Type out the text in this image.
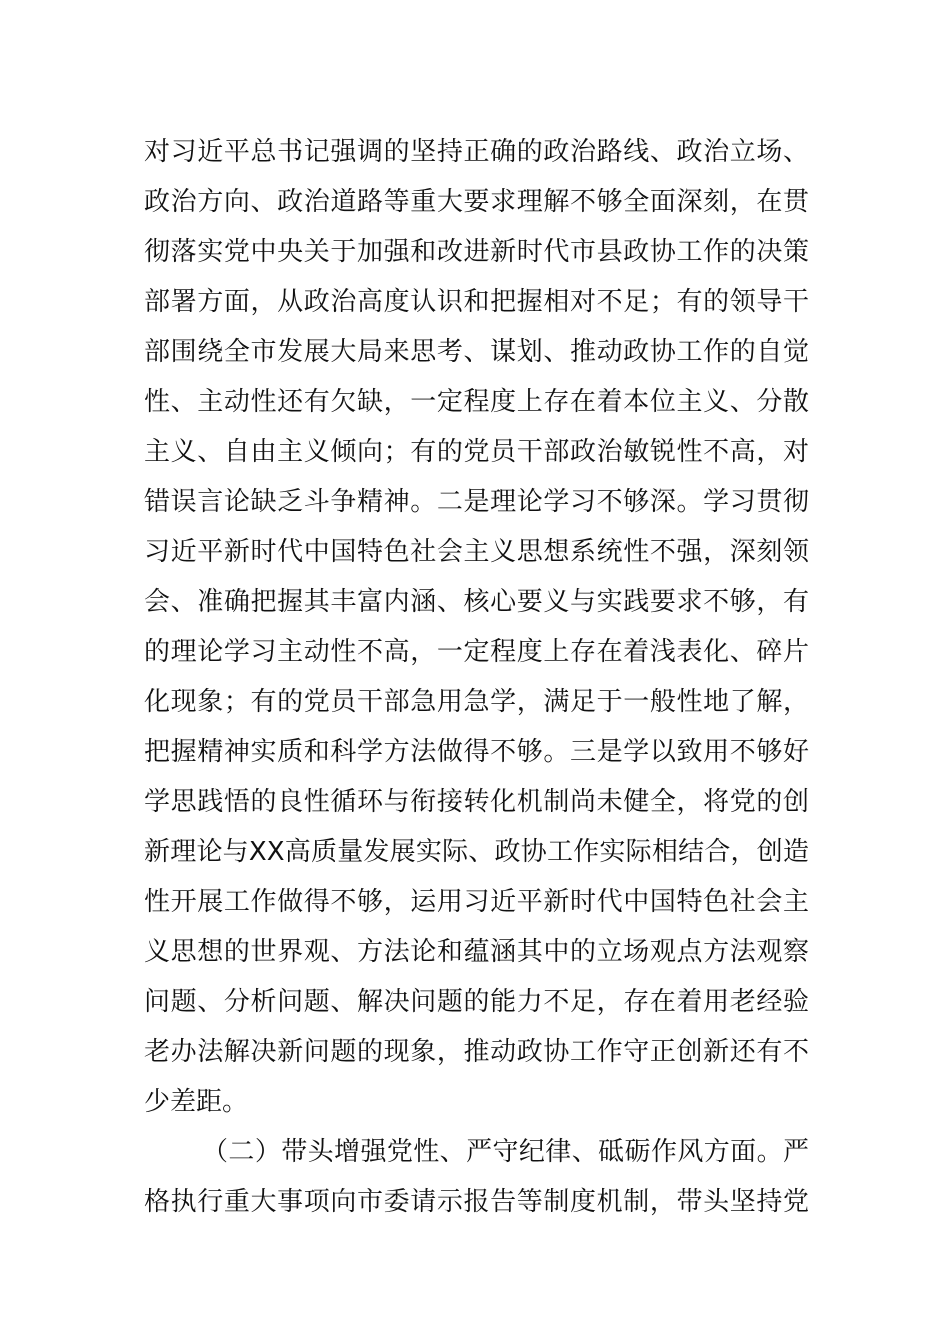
对习近平总书记强调的坚持正确的政治路线、政治立场、
政治方向、政治道路等重大要求理解不够全面深刻，在贯
彻落实党中央关于加强和改进新时代市县政协工作的决策
部署方面，从政治高度认识和把握相对不足；有的领导干
部围绕全市发展大局来思考、谋划、推动政协工作的自觉
性、主动性还有欠缺，一定程度上存在着本位主义、分散
主义、自由主义倾向；有的党员干部政治敏锐性不高，对
错误言论缺乏斗争精神。二是理论学习不够深。学习贯彻
习近平新时代中国特色社会主义思想系统性不强，深刻领
会、准确把握其丰富内涵、核心要义与实践要求不够，有
的理论学习主动性不高，一定程度上存在着浅表化、碎片
化现象；有的党员干部急用急学，满足于一般性地了解，
把握精神实质和科学方法做得不够。三是学以致用不够好
学思践悟的良性循环与衔接转化机制尚未健全，将党的创
新理论与XX高质量发展实际、政协工作实际相结合，创造
性开展工作做得不够，运用习近平新时代中国特色社会主
义思想的世界观、方法论和蕴涵其中的立场观点方法观察
问题、分析问题、解决问题的能力不足，存在着用老经验
老办法解决新问题的现象，推动政协工作守正创新还有不
少差距。
（二）带头增强党性、严守纪律、砥砺作风方面。严
格执行重大事项向市委请示报告等制度机制，带头坚持党
